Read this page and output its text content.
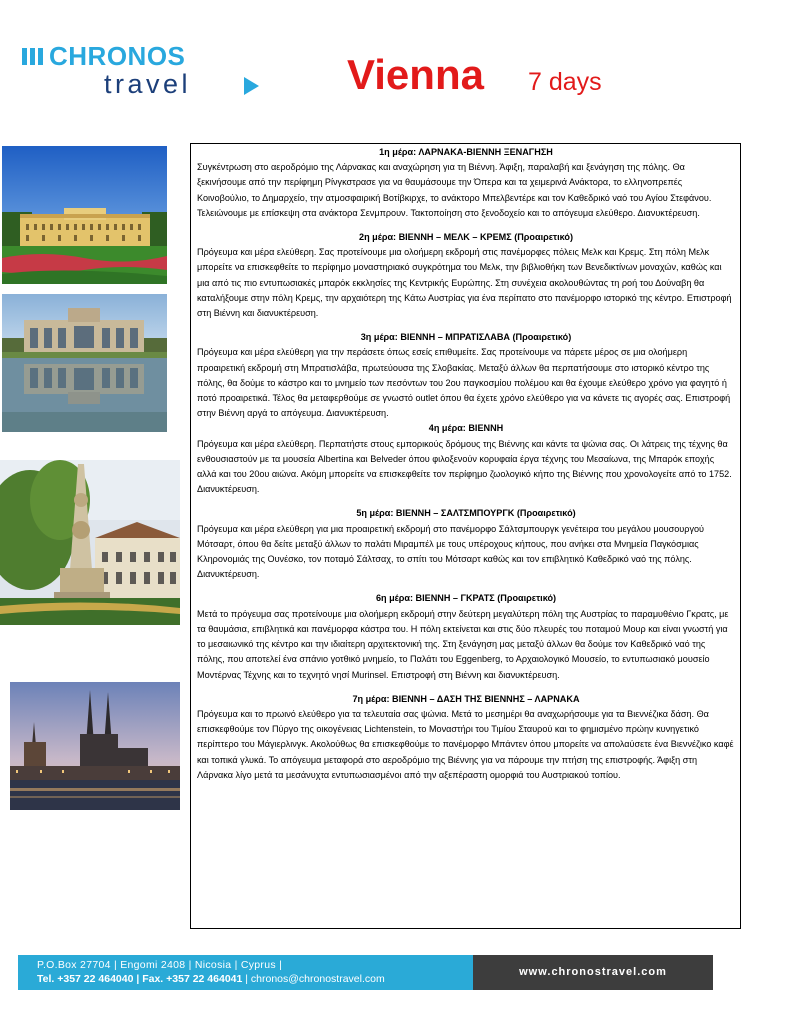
CHRONOS
travel	Vienna 7 days

1η μέρα: ΛΑΡΝΑΚΑ-ΒΙΕΝΝΗ ΞΕΝΑΓΗΣΗ

Συγκέντρωση στο αεροδρόμιο της Λάρνακας και αναχώρηση για τη Βιέννη. Άφιξη, παραλαβή και ξενάγηση της πόλης. Θα ξεκινήσουμε από την περίφημη Ρίνγκστρασε για να θαυμάσουμε την Όπερα και τα χειμερινά Ανάκτορα, το ελληνοπρεπές Κοινοβούλιο, το Δημαρχείο, την ατμοσφαιρική Βοτίβκιρχε, το ανάκτορο Μπελβεντέρε και τον Καθεδρικό ναό του Αγίου Στεφάνου. Τελειώνουμε με επίσκεψη στα ανάκτορα Σενμπρουν. Τακτοποίηση στο ξενοδοχείο και το απόγευμα ελεύθερο. Διανυκτέρευση.

2η μέρα: ΒΙΕΝΝΗ – ΜΕΛΚ – ΚΡΕΜΣ (Προαιρετικό)

Πρόγευμα και μέρα ελεύθερη. Σας προτείνουμε μια ολοήμερη εκδρομή στις πανέμορφες πόλεις Μελκ και Κρεμς. Στη πόλη Μελκ μπορείτε να επισκεφθείτε το περίφημο μοναστηριακό συγκρότημα του Μελκ, την βιβλιοθήκη των Βενεδικτίνων μοναχών, καθώς και μια από τις πιο εντυπωσιακές μπαρόκ εκκλησίες της Κεντρικής Ευρώπης. Στη συνέχεια ακολουθώντας τη ροή του Δούναβη θα καταλήξουμε στην πόλη Κρεμς, την αρχαιότερη της Κάτω Αυστρίας για ένα περίπατο στο πανέμορφο ιστορικό της κέντρο. Επιστροφή στη Βιέννη και διανυκτέρευση.

3η μέρα: ΒΙΕΝΝΗ – ΜΠΡΑΤΙΣΛΑΒΑ (Προαιρετικό)

Πρόγευμα και μέρα ελεύθερη για την περάσετε όπως εσείς επιθυμείτε. Σας προτείνουμε να πάρετε μέρος σε μια ολοήμερη προαιρετική εκδρομή στη Μπρατισλάβα, πρωτεύουσα της Σλοβακίας. Μεταξύ άλλων θα περπατήσουμε στο ιστορικό κέντρο της πόλης, θα δούμε το κάστρο και το μνημείο των πεσόντων του 2ου παγκοσμίου πολέμου και θα έχουμε ελεύθερο χρόνο για φαγητό ή ποτό προαιρετικά. Τέλος θα μεταφερθούμε σε γνωστό outlet όπου θα έχετε χρόνο ελεύθερο για να κάνετε τις αγορές σας. Επιστροφή στην Βιέννη αργά το απόγευμα. Διανυκτέρευση.

4η μέρα: ΒΙΕΝΝΗ

Πρόγευμα και μέρα ελεύθερη. Περπατήστε στους εμπορικούς δρόμους της Βιέννης και κάντε τα ψώνια σας. Οι λάτρεις της τέχνης θα ενθουσιαστούν με τα μουσεία Albertina και Belveder όπου φιλοξενούν κορυφαία έργα τέχνης του Μεσαίωνα, της Μπαρόκ εποχής αλλά και του 20ου αιώνα. Ακόμη μπορείτε να επισκεφθείτε τον περίφημο ζωολογικό κήπο της Βιέννης που χρονολογείτε από το 1752. Διανυκτέρευση.

5η μέρα: ΒΙΕΝΝΗ – ΣΑΛΤΣΜΠΟΥΡΓΚ (Προαιρετικό)

Πρόγευμα και μέρα ελεύθερη για μια προαιρετική εκδρομή στο πανέμορφο Σάλτσμπουργκ γενέτειρα του μεγάλου μουσουργού Μότσαρτ, όπου θα δείτε μεταξύ άλλων το παλάτι Μιραμπέλ με τους υπέροχους κήπους, που ανήκει στα Μνημεία Παγκόσμιας Κληρονομιάς της Ουνέσκο, τον ποταμό Σάλτσαχ, το σπίτι του Μότσαρτ καθώς και τον επιβλητικό Καθεδρικό ναό της πόλης. Διανυκτέρευση.

6η μέρα: ΒΙΕΝΝΗ – ΓΚΡΑΤΣ (Προαιρετικό)

Μετά το πρόγευμα σας προτείνουμε μια ολοήμερη εκδρομή στην δεύτερη μεγαλύτερη πόλη της Αυστρίας το παραμυθένιο Γκρατς, με τα θαυμάσια, επιβλητικά και πανέμορφα κάστρα του. Η πόλη εκτείνεται και στις δύο πλευρές του ποταμού Μουρ και είναι γνωστή για το μεσαιωνικό της κέντρο και την ιδιαίτερη αρχιτεκτονική της. Στη ξενάγηση μας μεταξύ άλλων θα δούμε τον Καθεδρικό ναό της πόλης, που αποτελεί ένα σπάνιο γοτθικό μνημείο, το Παλάτι του Eggenberg, το Αρχαιολογικό Μουσείο, το εντυπωσιακό μουσείο Μοντέρνας Τέχνης και το τεχνητό νησί Murinsel. Επιστροφή στη Βιέννη και διανυκτέρευση.

7η μέρα: ΒΙΕΝΝΗ – ΔΑΣΗ ΤΗΣ ΒΙΕΝΝΗΣ – ΛΑΡΝΑΚΑ

Πρόγευμα και το πρωινό ελεύθερο για τα τελευταία σας ψώνια. Μετά το μεσημέρι θα αναχωρήσουμε για τα Βιεννέζικα δάση. Θα επισκεφθούμε τον Πύργο της οικογένειας Lichtenstein, το Μοναστήρι του Τιμίου Σταυρού και το φημισμένο πρώην κυνηγετικό περίπτερο του Μάγιερλινγκ. Ακολούθως θα επισκεφθούμε το πανέμορφο Μπάντεν όπου μπορείτε να απολαύσετε ένα Βιεννέζικο καφέ και τοπικά γλυκά. Το απόγευμα μεταφορά στο αεροδρόμιο της Βιέννης για να πάρουμε την πτήση της επιστροφής. Άφιξη στη Λάρνακα λίγο μετά τα μεσάνυχτα εντυπωσιασμένοι από την αξεπέραστη ομορφιά του Αυστριακού τοπίου.

P.O.Box 27704 | Engomi 2408 | Nicosia | Cyprus |
Tel. +357 22 464040 | Fax. +357 22 464041 | chronos@chronostravel.com
www.chronostravel.com
